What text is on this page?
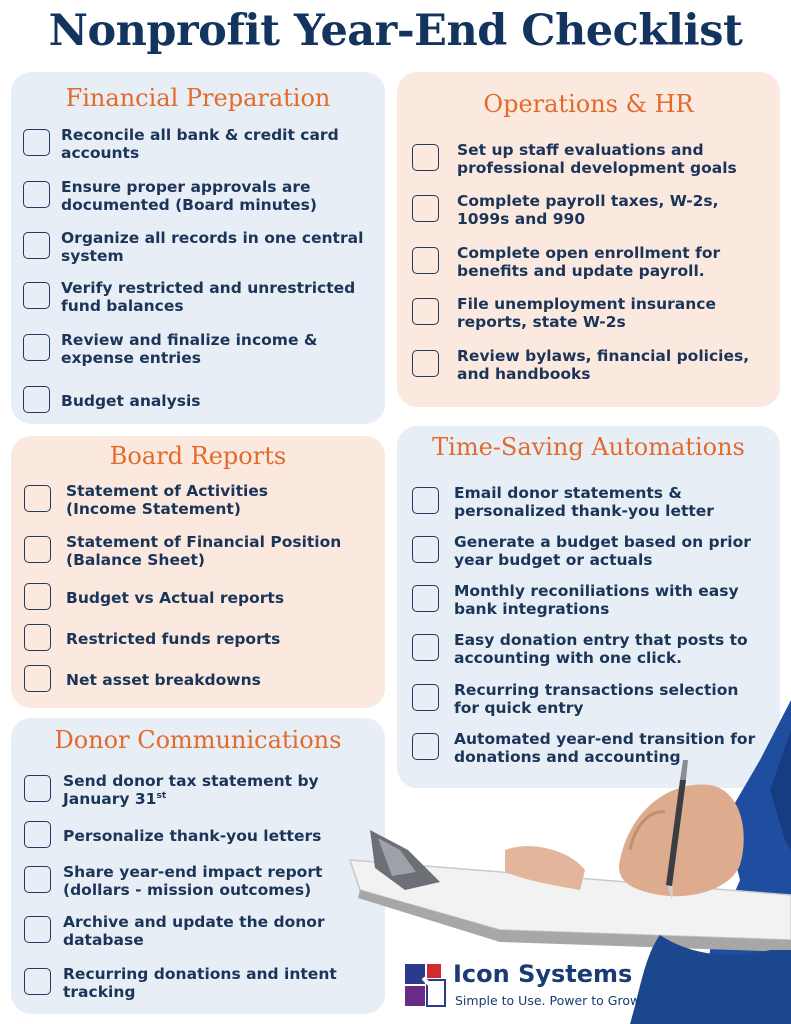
Nonprofit Year-End Checklist
Financial Preparation
Reconcile all bank & credit card
accounts
Ensure proper approvals are
documented (Board minutes)
Organize all records in one central
system
Verify restricted and unrestricted
fund balances
Review and finalize income &
expense entries
Budget analysis
Operations & HR
Set up staff evaluations and
professional development goals
Complete payroll taxes, W-2s,
1099s and 990
Complete open enrollment for
benefits and update payroll.
File unemployment insurance
reports, state W-2s
Review bylaws, financial policies,
and handbooks
Board Reports
Statement of Activities
(Income Statement)
Statement of Financial Position
(Balance Sheet)
Budget vs Actual reports
Restricted funds reports
Net asset breakdowns
Time-Saving Automations
Email donor statements &
personalized thank-you letter
Generate a budget based on prior
year budget or actuals
Monthly reconiliations with easy
bank integrations
Easy donation entry that posts to
accounting with one click.
Recurring transactions selection
for quick entry
Automated year-end transition for
donations and accounting
Donor Communications
Send donor tax statement by
January 31st
Personalize thank-you letters
Share year-end impact report
(dollars - mission outcomes)
Archive and update the donor
database
Recurring donations and intent
tracking
Icon Systems
Simple to Use. Power to Grow.
